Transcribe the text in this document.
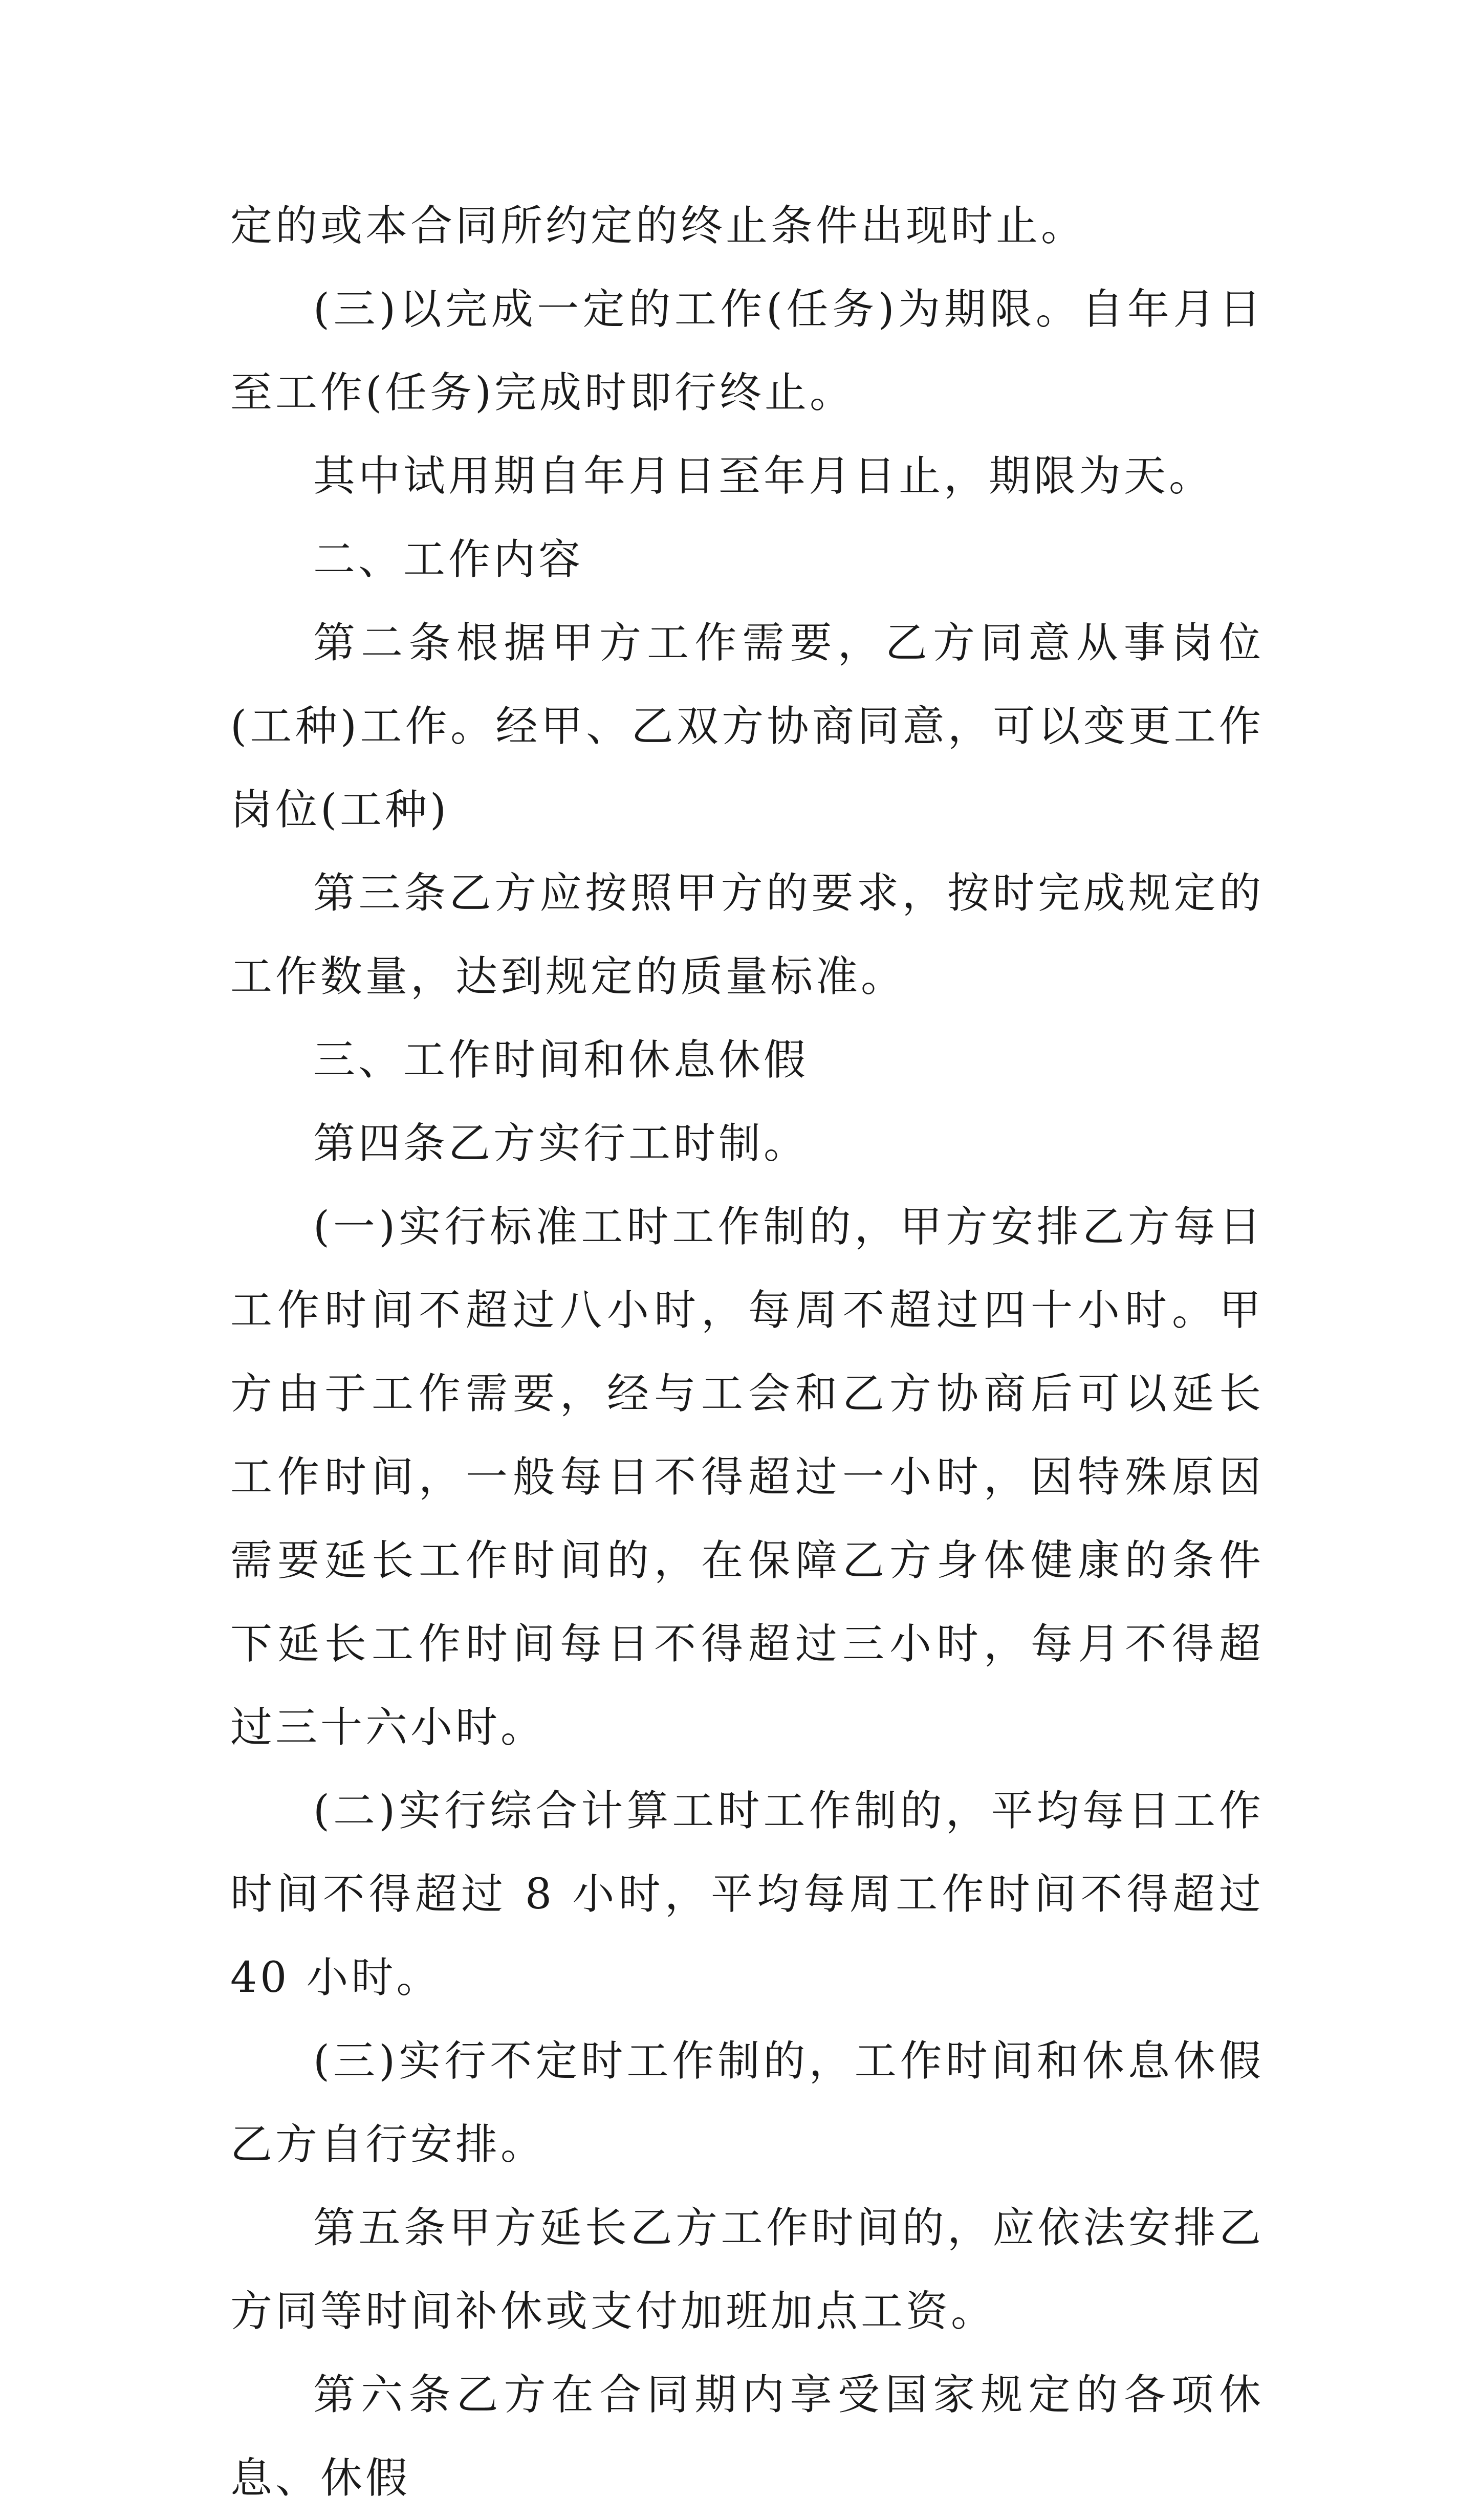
定的或本合同所约定的终止条件出现时止。

(三)以完成一定的工作(任务)为期限。自年月日至工作(任务)完成时即行终止。

其中试用期自年月日至年月日止，期限为天。

二、工作内容

第二条根据甲方工作需要，乙方同意从事岗位(工种)工作。经甲、乙双方协商同意，可以变更工作岗位(工种)

第三条乙方应按照甲方的要求，按时完成规定的工作数量，达到规定的质量标准。

三、工作时间和休息休假

第四条乙方实行工时制。

(一)实行标准工时工作制的，甲方安排乙方每日工作时间不超过八小时，每周不超过四十小时。甲方由于工作需要，经与工会和乙方协商后可以延长工作时间，一般每日不得超过一小时，因特殊原因需要延长工作时间的，在保障乙方身体健康的条件下延长工作时间每日不得超过三小时，每月不得超过三十六小时。

(二)实行综合计算工时工作制的，平均每日工作时间不得超过 8 小时，平均每周工作时间不得超过 40 小时。

(三)实行不定时工作制的，工作时间和休息休假乙方自行安排。

第五条甲方延长乙方工作时间的，应依法安排乙方同等时间补休或支付加班加点工资。

第六条乙方在合同期内享受国家规定的各项休息、休假
